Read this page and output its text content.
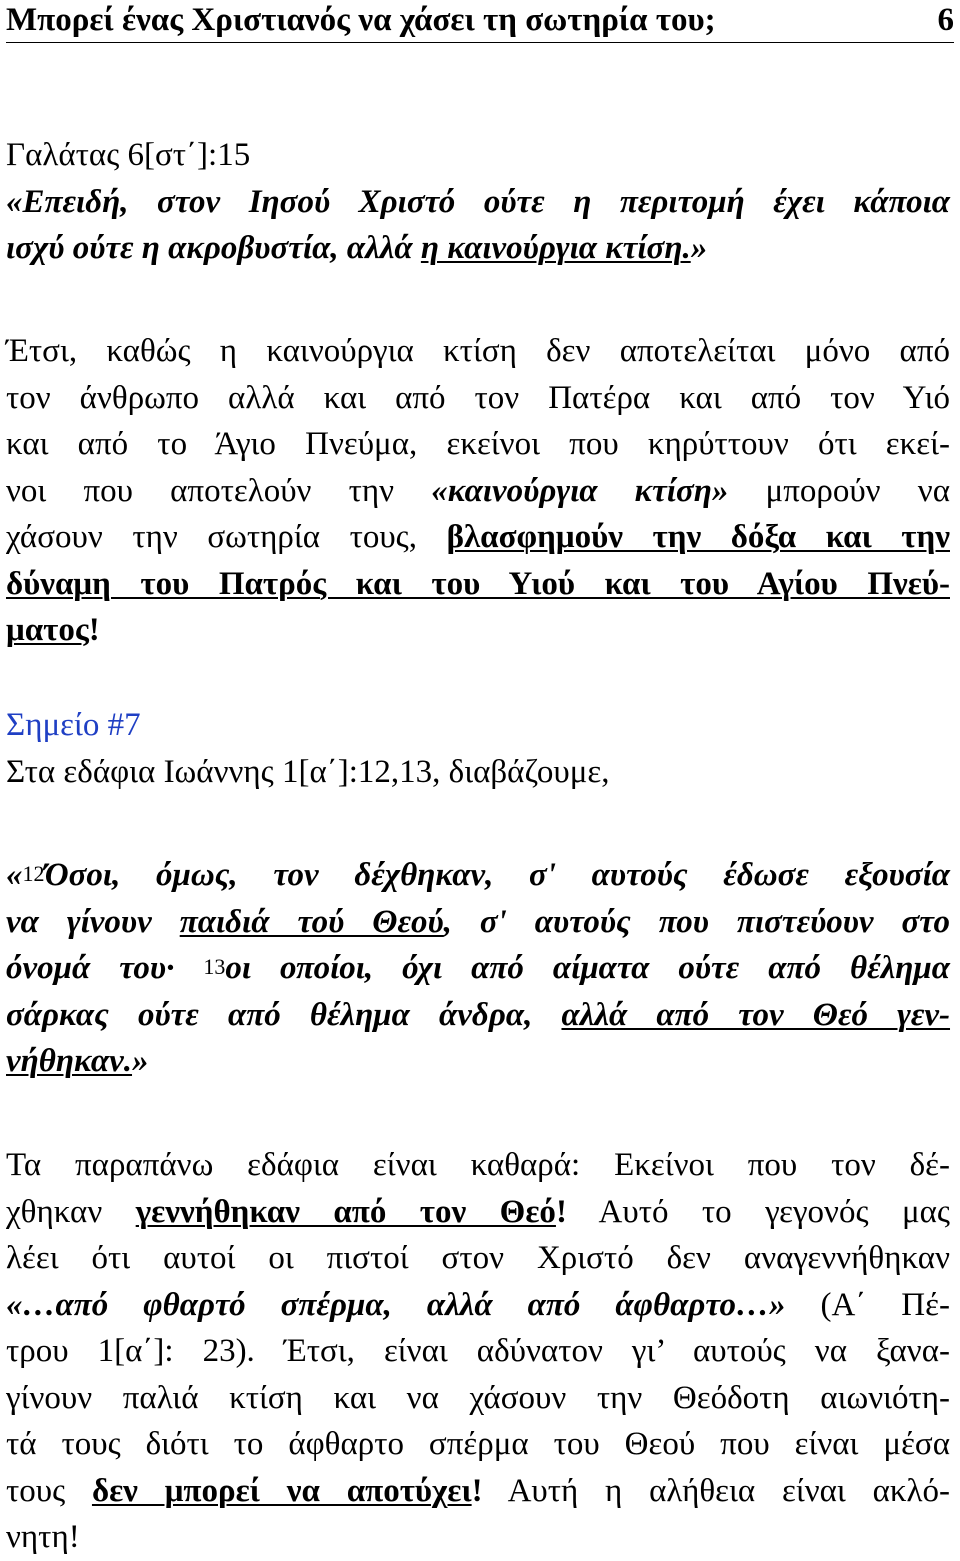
Μπορεί ένας Χριστιανός να χάσει τη σωτηρία του;	6
Γαλάτας 6[στ΄]:15
«Επειδή, στον Ιησού Χριστό ούτε η περιτομή έχει κάποια
ισχύ ούτε η ακροβυστία, αλλά η καινούργια κτίση.»
Έτσι, καθώς η καινούργια κτίση δεν αποτελείται μόνο από
τον άνθρωπο αλλά και από τον Πατέρα και από τον Υιό
και από το Άγιο Πνεύμα, εκείνοι που κηρύττουν ότι εκεί-
νοι που αποτελούν την «καινούργια κτίση» μπορούν να
χάσουν την σωτηρία τους, βλασφημούν την δόξα και την
δύναμη του Πατρός και του Υιού και του Αγίου Πνεύ-
ματος!
Σημείο #7
Στα εδάφια Ιωάννης 1[α΄]:12,13, διαβάζουμε,
«$^{12}$Όσοι, όμως, τον δέχθηκαν, σ' αυτούς έδωσε εξουσία
να γίνουν παιδιά τού Θεού, σ' αυτούς που πιστεύουν στο
όνομά του· $^{13}$οι οποίοι, όχι από αίματα ούτε από θέλημα
σάρκας ούτε από θέλημα άνδρα, αλλά από τον Θεό γεν-
νήθηκαν.»
Τα παραπάνω εδάφια είναι καθαρά: Εκείνοι που τον δέ-
χθηκαν γεννήθηκαν από τον Θεό! Αυτό το γεγονός μας
λέει ότι αυτοί οι πιστοί στον Χριστό δεν αναγεννήθηκαν
«…από φθαρτό σπέρμα, αλλά από άφθαρτο…» (Α΄ Πέ-
τρου 1[α΄]: 23). Έτσι, είναι αδύνατον γι’ αυτούς να ξανα-
γίνουν παλιά κτίση και να χάσουν την Θεόδοτη αιωνιότη-
τά τους διότι το άφθαρτο σπέρμα του Θεού που είναι μέσα
τους δεν μπορεί να αποτύχει! Αυτή η αλήθεια είναι ακλό-
νητη!
